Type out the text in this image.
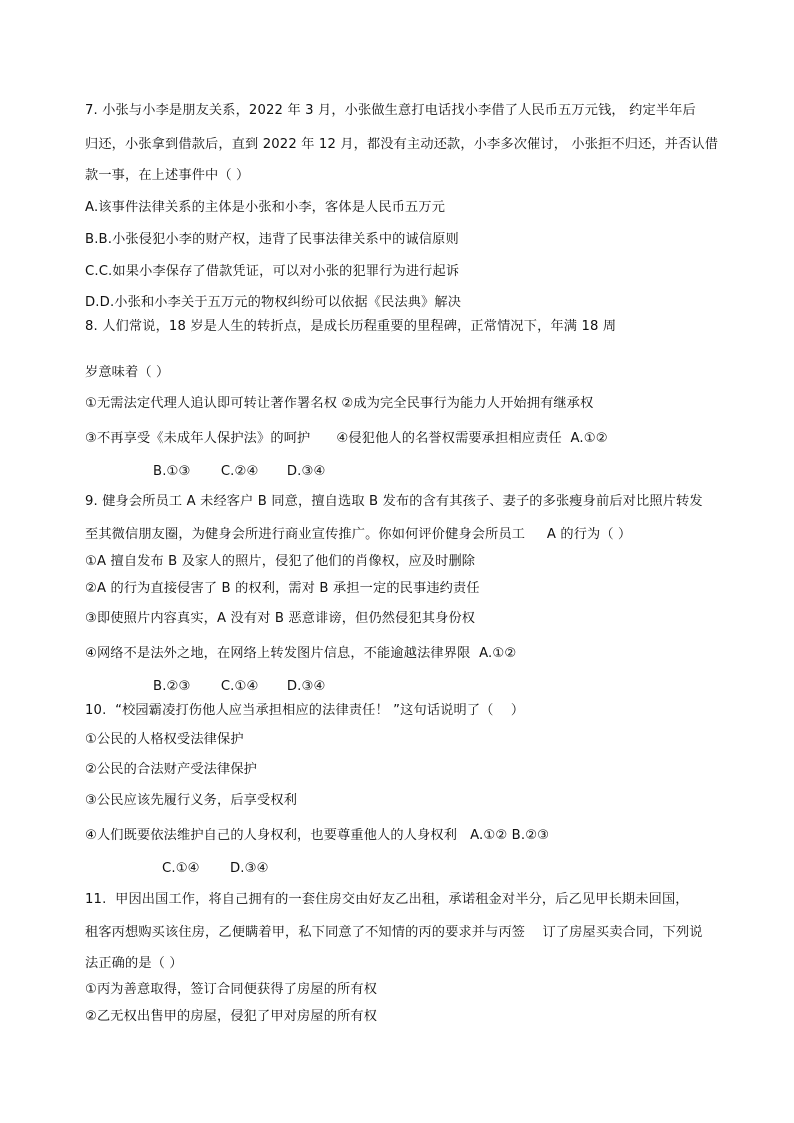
7. 小张与小李是朋友关系，2022 年 3 月，小张做生意打电话找小李借了人民币五万元钱， 约定半年后

归还，小张拿到借款后，直到 2022 年 12 月，都没有主动还款，小李多次催讨， 小张拒不归还，并否认借

款一事，在上述事件中（ ）

A.该事件法律关系的主体是小张和小李，客体是人民币五万元

B.B.小张侵犯小李的财产权，违背了民事法律关系中的诚信原则

C.C.如果小李保存了借款凭证，可以对小张的犯罪行为进行起诉

D.D.小张和小李关于五万元的物权纠纷可以依据《民法典》解决

8. 人们常说，18 岁是人生的转折点，是成长历程重要的里程碑，正常情况下，年满 18 周

岁意味着（ ）

①无需法定代理人追认即可转让著作署名权 ②成为完全民事行为能力人开始拥有继承权

③不再享受《未成年人保护法》的呵护      ④侵犯他人的名誉权需要承担相应责任  A.①②

B.①③ C.②④ D.③④

9. 健身会所员工 A 未经客户 B 同意，擅自选取 B 发布的含有其孩子、妻子的多张瘦身前后对比照片转发

至其微信朋友圈，为健身会所进行商业宣传推广。你如何评价健身会所员工     A 的行为（ ）

①A 擅自发布 B 及家人的照片，侵犯了他们的肖像权，应及时删除

②A 的行为直接侵害了 B 的权利，需对 B 承担一定的民事违约责任

③即使照片内容真实，A 没有对 B 恶意诽谤，但仍然侵犯其身份权

④网络不是法外之地，在网络上转发图片信息，不能逾越法律界限  A.①②

B.②③ C.①④ D.③④

10.  “校园霸凌打伤他人应当承担相应的法律责任！ ”这句话说明了（    ）

①公民的人格权受法律保护

②公民的合法财产受法律保护

③公民应该先履行义务，后享受权利

④人们既要依法维护自己的人身权利，也要尊重他人的人身权利   A.①② B.②③

C.①④ D.③④

11.  甲因出国工作，将自己拥有的一套住房交由好友乙出租，承诺租金对半分，后乙见甲长期未回国，

租客丙想购买该住房，乙便瞒着甲，私下同意了不知情的丙的要求并与丙签    订了房屋买卖合同，下列说

法正确的是（ ）

①丙为善意取得，签订合同便获得了房屋的所有权

②乙无权出售甲的房屋，侵犯了甲对房屋的所有权
